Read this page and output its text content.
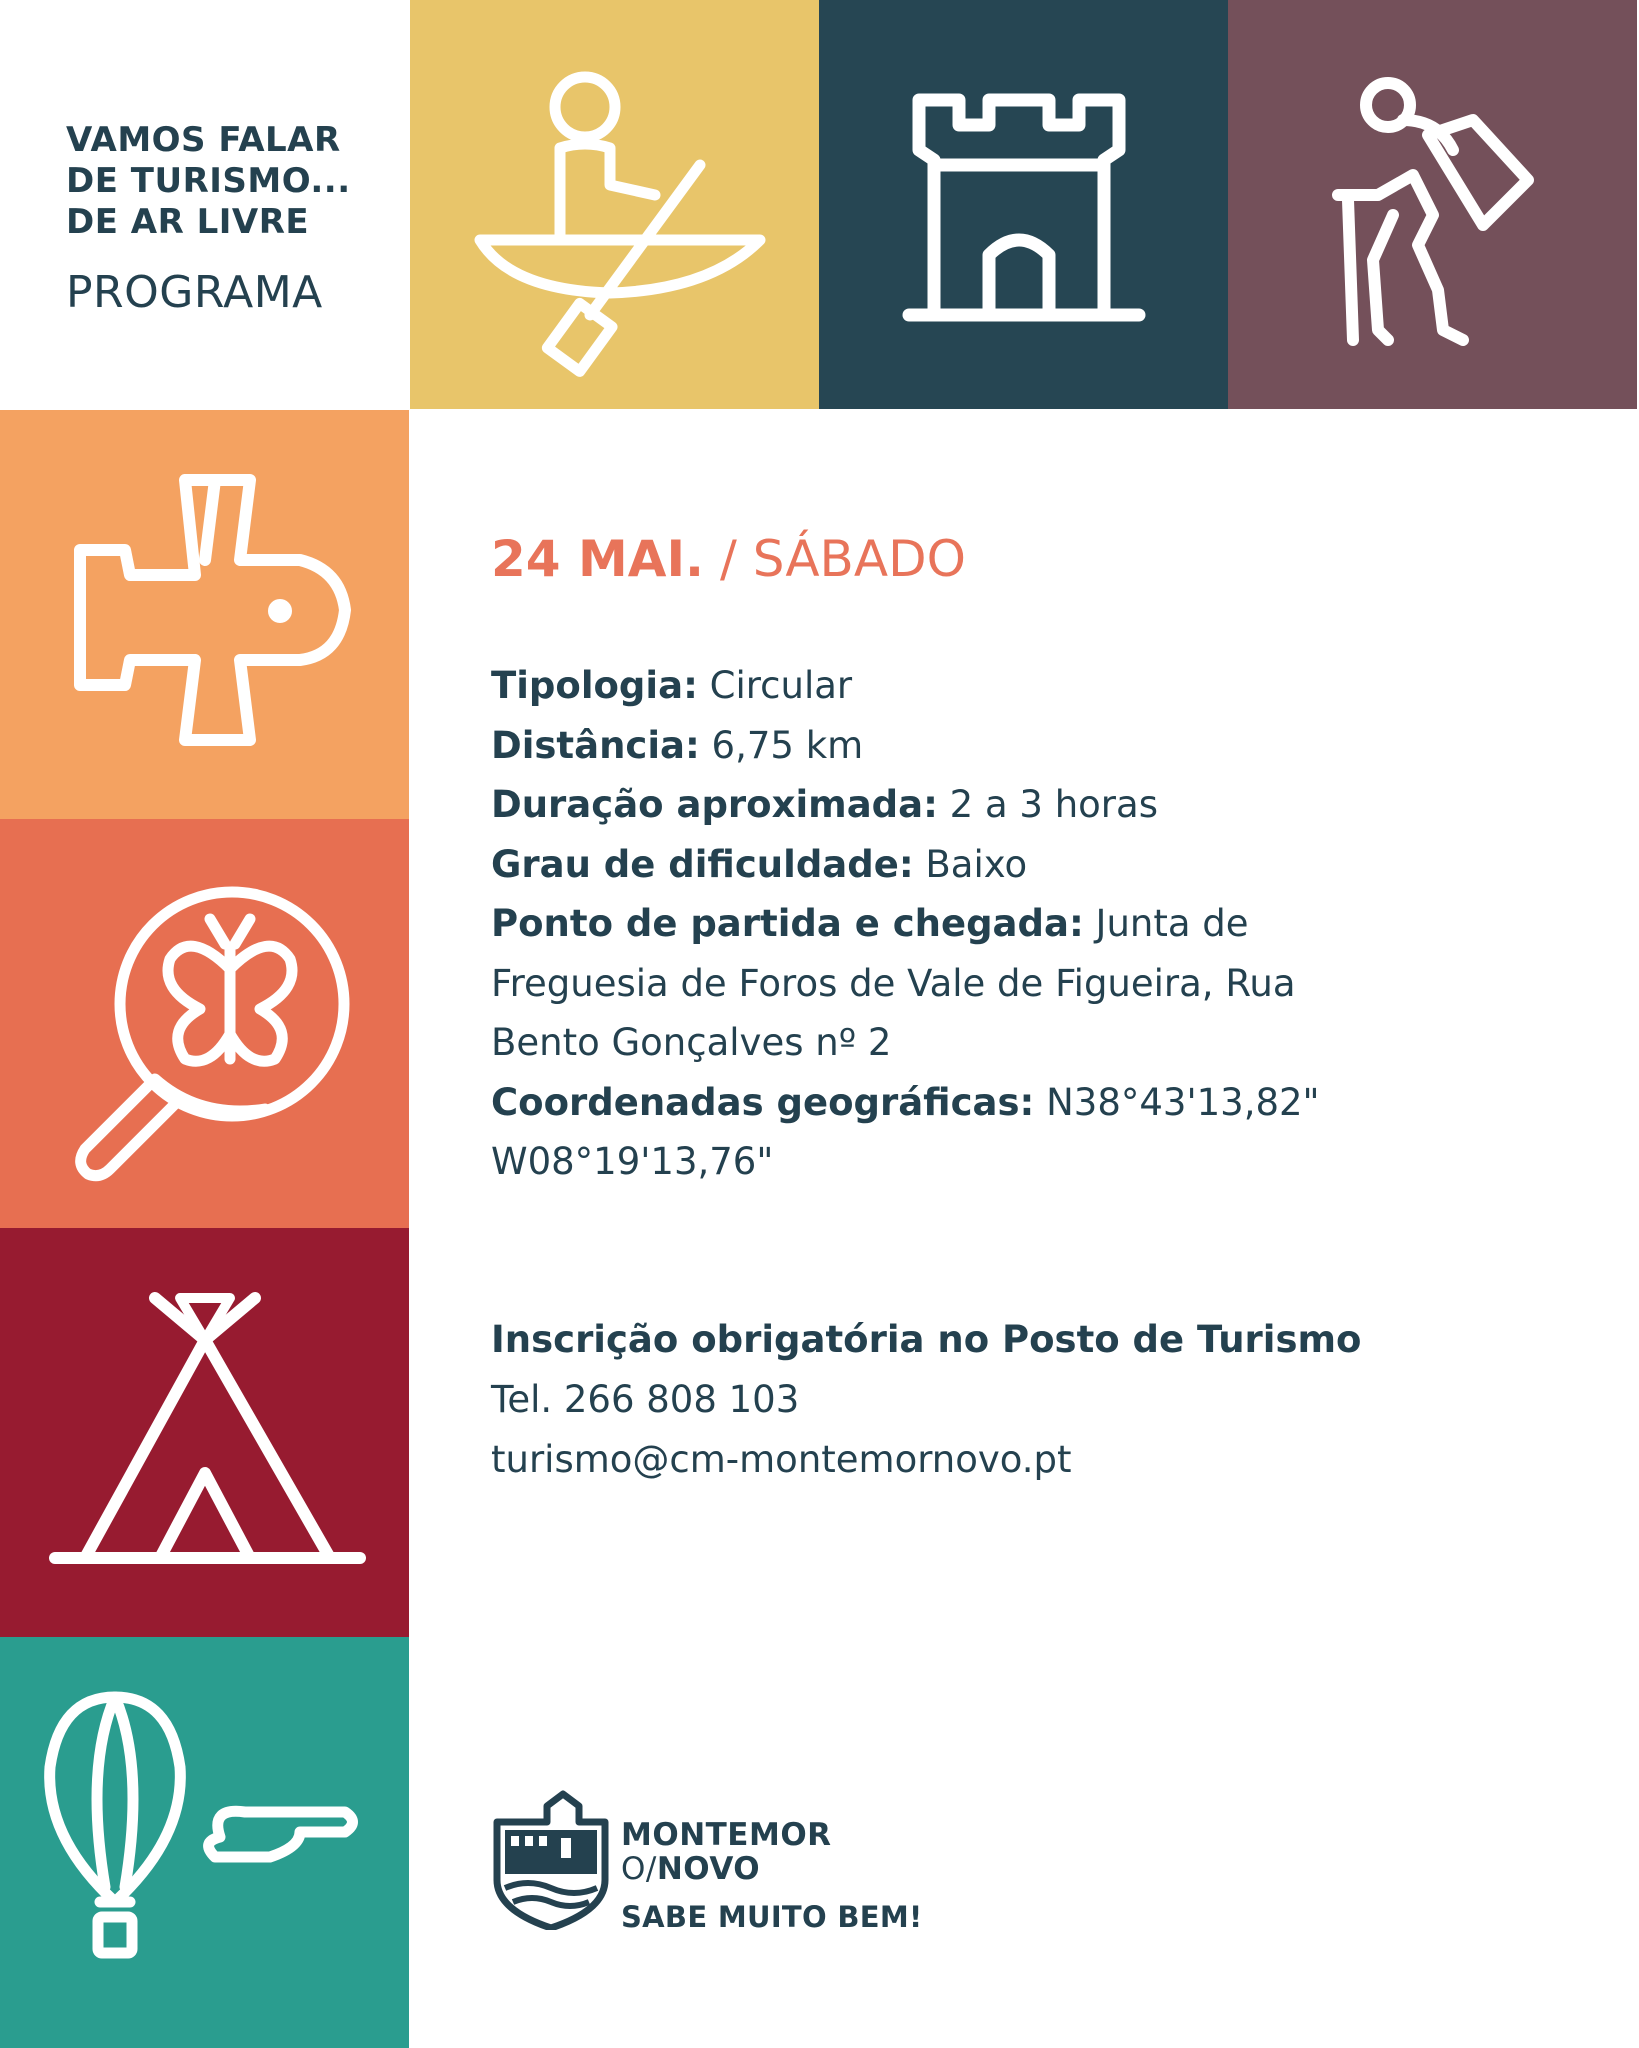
VAMOS FALAR
DE TURISMO...
DE AR LIVRE
PROGRAMA
24 MAI. / SÁBADO
Tipologia: Circular
Distância: 6,75 km
Duração aproximada: 2 a 3 horas
Grau de dificuldade: Baixo
Ponto de partida e chegada: Junta de
Freguesia de Foros de Vale de Figueira, Rua
Bento Gonçalves nº 2
Coordenadas geográficas: N38°43'13,82"
W08°19'13,76"
Inscrição obrigatória no Posto de Turismo
Tel. 266 808 103
turismo@cm-montemornovo.pt
MONTEMOR
O/NOVO
SABE MUITO BEM!
